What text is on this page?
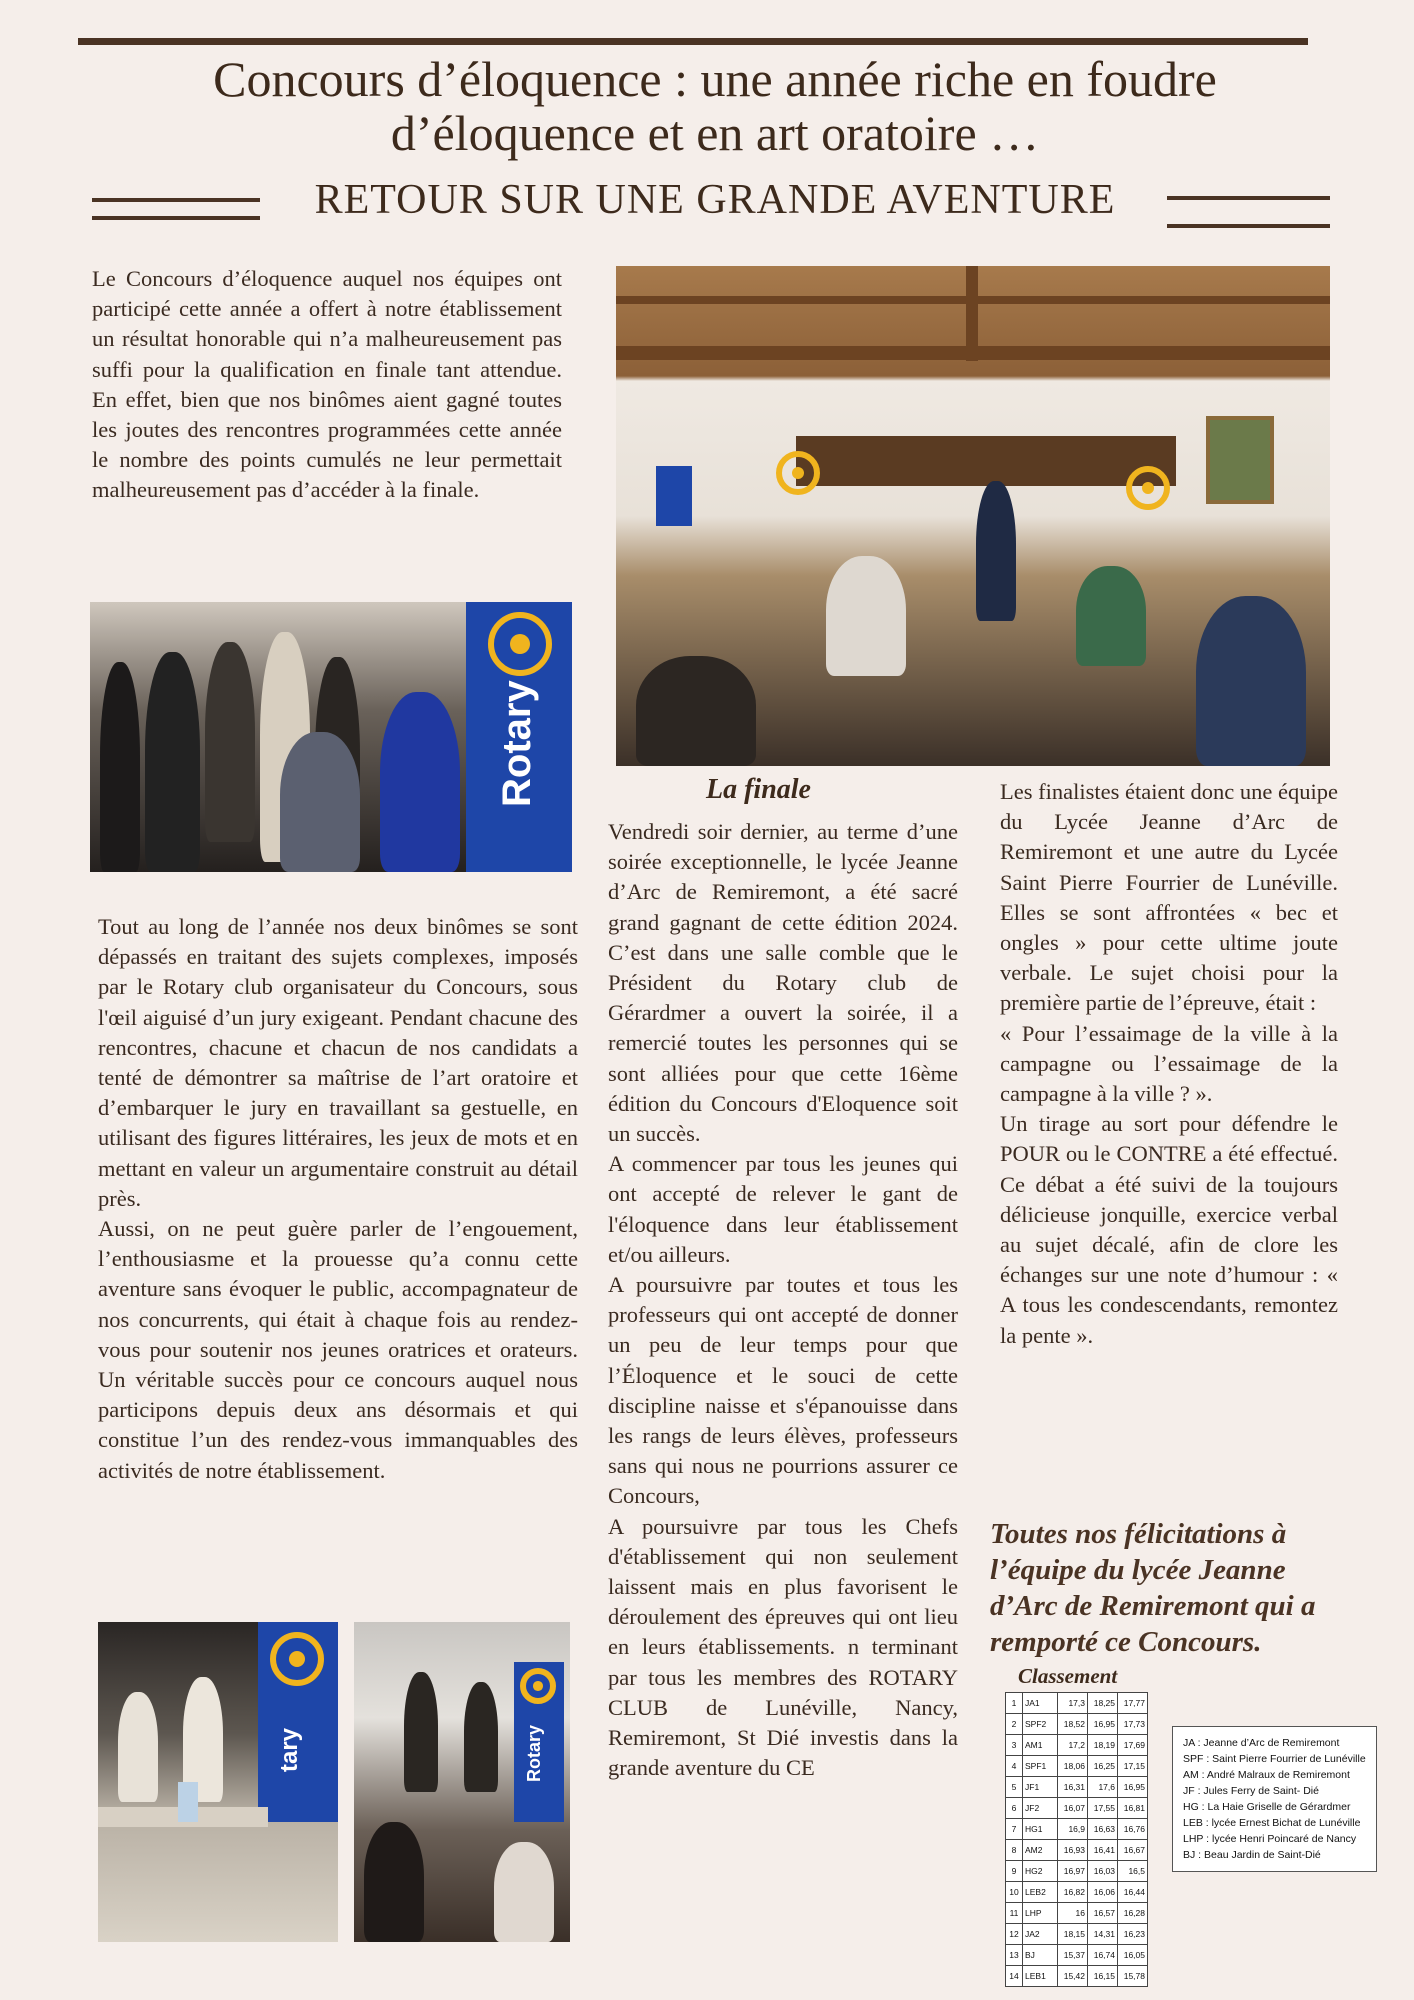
Concours d’éloquence : une année riche en foudre
d’éloquence et en art oratoire …
RETOUR SUR UNE GRANDE AVENTURE

Le Concours d’éloquence auquel nos équipes ont participé cette année a offert à notre établissement un résultat honorable qui n’a malheureusement pas suffi pour la qualification en finale tant attendue. En effet, bien que nos binômes aient gagné toutes les joutes des rencontres programmées cette année le nombre des points cumulés ne leur permettait malheureusement pas d’accéder à la finale.

Rotary

Tout au long de l’année nos deux binômes se sont dépassés en traitant des sujets complexes, imposés par le Rotary club organisateur du Concours, sous l'œil aiguisé d’un jury exigeant. Pendant chacune des rencontres, chacune et chacun de nos candidats a tenté de démontrer sa maîtrise de l’art oratoire et d’embarquer le jury en travaillant sa gestuelle, en utilisant des figures littéraires, les jeux de mots et en mettant en valeur un argumentaire construit au détail près.

Aussi, on ne peut guère parler de l’engouement, l’enthousiasme et la prouesse qu’a connu cette aventure sans évoquer le public, accompagnateur de nos concurrents, qui était à chaque fois au rendez-vous pour soutenir nos jeunes oratrices et orateurs. Un véritable succès pour ce concours auquel nous participons depuis deux ans désormais et qui constitue l’un des rendez-vous immanquables des activités de notre établissement.

tary	Rotary
La finale

Vendredi soir dernier, au terme d’une soirée exceptionnelle, le lycée Jeanne d’Arc de Remiremont, a été sacré grand gagnant de cette édition 2024. C’est dans une salle comble que le Président du Rotary club de Gérardmer a ouvert la soirée, il a remercié toutes les personnes qui se sont alliées pour que cette 16ème édition du Concours d'Eloquence soit un succès.

A commencer par tous les jeunes qui ont accepté de relever le gant de l'éloquence dans leur établissement et/ou ailleurs.

A poursuivre par toutes et tous les professeurs qui ont accepté de donner un peu de leur temps pour que l’Éloquence et le souci de cette discipline naisse et s'épanouisse dans les rangs de leurs élèves, professeurs sans qui nous ne pourrions assurer ce Concours,

A poursuivre par tous les Chefs d'établissement qui non seulement laissent mais en plus favorisent le déroulement des épreuves qui ont lieu en leurs établissements. n terminant par tous les membres des ROTARY CLUB de Lunéville, Nancy, Remiremont, St Dié investis dans la grande aventure du CE

Les finalistes étaient donc une équipe du Lycée Jeanne d’Arc de Remiremont et une autre du Lycée Saint Pierre Fourrier de Lunéville. Elles se sont affrontées « bec et ongles » pour cette ultime joute verbale. Le sujet choisi pour la première partie de l’épreuve, était :

« Pour l’essaimage de la ville à la campagne ou l’essaimage de la campagne à la ville ? ».

Un tirage au sort pour défendre le POUR ou le CONTRE a été effectué. Ce débat a été suivi de la toujours délicieuse jonquille, exercice verbal au sujet décalé, afin de clore les échanges sur une note d’humour : « A tous les condescendants, remontez la pente ».

Toutes nos félicitations à l’équipe du lycée Jeanne d’Arc de Remiremont qui a remporté ce Concours.
Classement
1	JA1	17,3	18,25	17,77
2	SPF2	18,52	16,95	17,73
3	AM1	17,2	18,19	17,69
4	SPF1	18,06	16,25	17,15
5	JF1	16,31	17,6	16,95
6	JF2	16,07	17,55	16,81
7	HG1	16,9	16,63	16,76
8	AM2	16,93	16,41	16,67
9	HG2	16,97	16,03	16,5
10	LEB2	16,82	16,06	16,44
11	LHP	16	16,57	16,28
12	JA2	18,15	14,31	16,23
13	BJ	15,37	16,74	16,05
14	LEB1	15,42	16,15	15,78
JA : Jeanne d’Arc de Remiremont
SPF : Saint Pierre Fourrier de Lunéville
AM : André Malraux de Remiremont
JF : Jules Ferry de Saint- Dié
HG : La Haie Griselle de Gérardmer
LEB : lycée Ernest Bichat de Lunéville
LHP : lycée Henri Poincaré de Nancy
BJ : Beau Jardin de Saint-Dié
